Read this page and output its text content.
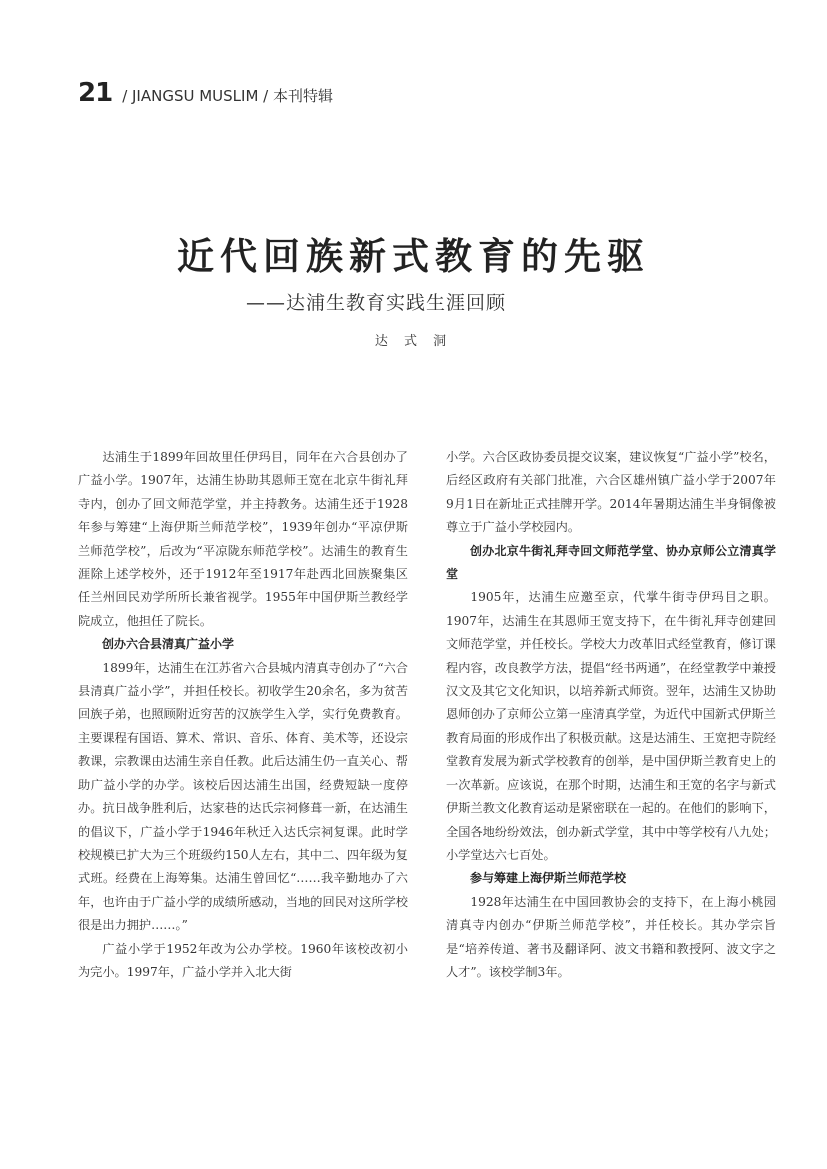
21 / JIANGSU MUSLIM / 本刊特辑
近代回族新式教育的先驱
——达浦生教育实践生涯回顾
达 式 洞

达浦生于1899年回故里任伊玛目，同年在六合县创办了广益小学。1907年，达浦生协助其恩师王宽在北京牛街礼拜寺内，创办了回文师范学堂，并主持教务。达浦生还于1928年参与筹建“上海伊斯兰师范学校”，1939年创办“平凉伊斯兰师范学校”，后改为“平凉陇东师范学校”。达浦生的教育生涯除上述学校外，还于1912年至1917年赴西北回族聚集区任兰州回民劝学所所长兼省视学。1955年中国伊斯兰教经学院成立，他担任了院长。

创办六合县清真广益小学

1899年，达浦生在江苏省六合县城内清真寺创办了“六合县清真广益小学”，并担任校长。初收学生20余名，多为贫苦回族子弟，也照顾附近穷苦的汉族学生入学，实行免费教育。主要课程有国语、算术、常识、音乐、体育、美术等，还设宗教课，宗教课由达浦生亲自任教。此后达浦生仍一直关心、帮助广益小学的办学。该校后因达浦生出国，经费短缺一度停办。抗日战争胜利后，达家巷的达氏宗祠修葺一新，在达浦生的倡议下，广益小学于1946年秋迁入达氏宗祠复课。此时学校规模已扩大为三个班级约150人左右，其中二、四年级为复式班。经费在上海筹集。达浦生曾回忆“……我辛勤地办了六年，也许由于广益小学的成绩所感动，当地的回民对这所学校很是出力拥护……。”

广益小学于1952年改为公办学校。1960年该校改初小为完小。1997年，广益小学并入北大街

小学。六合区政协委员提交议案，建议恢复“广益小学”校名，后经区政府有关部门批准，六合区雄州镇广益小学于2007年9月1日在新址正式挂牌开学。2014年暑期达浦生半身铜像被尊立于广益小学校园内。

创办北京牛街礼拜寺回文师范学堂、协办京师公立清真学堂

1905年，达浦生应邀至京，代掌牛街寺伊玛目之职。1907年，达浦生在其恩师王宽支持下，在牛街礼拜寺创建回文师范学堂，并任校长。学校大力改革旧式经堂教育，修订课程内容，改良教学方法，提倡“经书两通”，在经堂教学中兼授汉文及其它文化知识，以培养新式师资。翌年，达浦生又协助恩师创办了京师公立第一座清真学堂，为近代中国新式伊斯兰教育局面的形成作出了积极贡献。这是达浦生、王宽把寺院经堂教育发展为新式学校教育的创举，是中国伊斯兰教育史上的一次革新。应该说，在那个时期，达浦生和王宽的名字与新式伊斯兰教文化教育运动是紧密联在一起的。在他们的影响下，全国各地纷纷效法，创办新式学堂，其中中等学校有八九处；小学堂达六七百处。

参与筹建上海伊斯兰师范学校

1928年达浦生在中国回教协会的支持下，在上海小桃园清真寺内创办“伊斯兰师范学校”，并任校长。其办学宗旨是“培养传道、著书及翻译阿、波文书籍和教授阿、波文字之人才”。该校学制3年。
